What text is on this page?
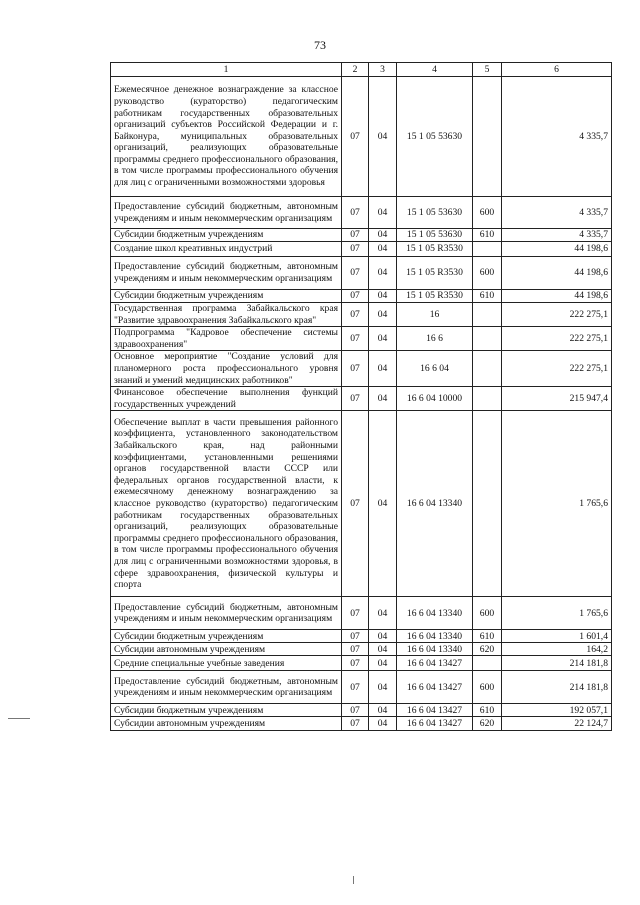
73
1	2	3	4	5	6
Ежемесячное денежное вознаграждение за классное руководство (кураторство) педагогическим работникам государственных образовательных организаций субъектов Российской Федерации и г. Байконура, муниципальных образовательных организаций, реализующих образовательные программы среднего профессионального образования, в том числе программы профессионального обучения для лиц с ограниченными возможностями здоровья	07	04	15 1 05 53630		4 335,7
Предоставление субсидий бюджетным, автономным учреждениям и иным некоммерческим организациям	07	04	15 1 05 53630	600	4 335,7
Субсидии бюджетным учреждениям	07	04	15 1 05 53630	610	4 335,7
Создание школ креативных индустрий	07	04	15 1 05 R3530		44 198,6
Предоставление субсидий бюджетным, автономным учреждениям и иным некоммерческим организациям	07	04	15 1 05 R3530	600	44 198,6
Субсидии бюджетным учреждениям	07	04	15 1 05 R3530	610	44 198,6
Государственная программа Забайкальского края "Развитие здравоохранения Забайкальского края"	07	04	16		222 275,1
Подпрограмма "Кадровое обеспечение системы здравоохранения"	07	04	16 6		222 275,1
Основное мероприятие "Создание условий для планомерного роста профессионального уровня знаний и умений медицинских работников"	07	04	16 6 04		222 275,1
Финансовое обеспечение выполнения функций государственных учреждений	07	04	16 6 04 10000		215 947,4
Обеспечение выплат в части превышения районного коэффициента, установленного законодательством Забайкальского края, над районными коэффициентами, установленными решениями органов государственной власти СССР или федеральных органов государственной власти, к ежемесячному денежному вознаграждению за классное руководство (кураторство) педагогическим работникам государственных образовательных организаций, реализующих образовательные программы среднего профессионального образования, в том числе программы профессионального обучения для лиц с ограниченными возможностями здоровья, в сфере здравоохранения, физической культуры и спорта	07	04	16 6 04 13340		1 765,6
Предоставление субсидий бюджетным, автономным учреждениям и иным некоммерческим организациям	07	04	16 6 04 13340	600	1 765,6
Субсидии бюджетным учреждениям	07	04	16 6 04 13340	610	1 601,4
Субсидии автономным учреждениям	07	04	16 6 04 13340	620	164,2
Средние специальные учебные заведения	07	04	16 6 04 13427		214 181,8
Предоставление субсидий бюджетным, автономным учреждениям и иным некоммерческим организациям	07	04	16 6 04 13427	600	214 181,8
Субсидии бюджетным учреждениям	07	04	16 6 04 13427	610	192 057,1
Субсидии автономным учреждениям	07	04	16 6 04 13427	620	22 124,7
